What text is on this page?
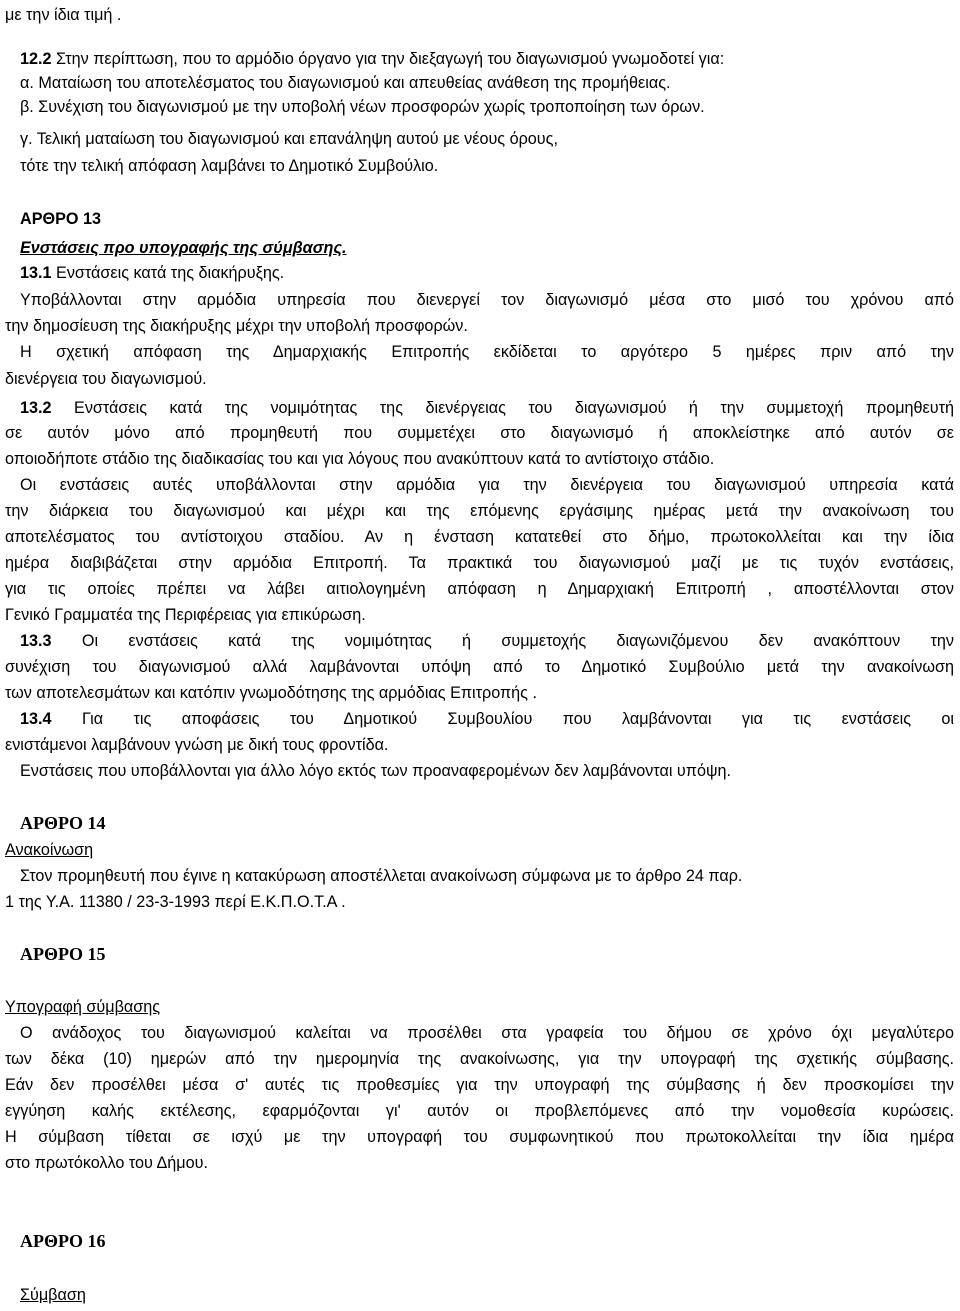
με την ίδια τιμή .
12.2 Στην περίπτωση, που το αρμόδιο όργανο για την διεξαγωγή του διαγωνισμού γνωμοδοτεί για:
α. Ματαίωση του αποτελέσματος του διαγωνισμού και απευθείας ανάθεση της προμήθειας.
β. Συνέχιση του διαγωνισμού με την υποβολή νέων προσφορών χωρίς τροποποίηση των όρων.
γ. Τελική ματαίωση του διαγωνισμού και επανάληψη αυτού με νέους όρους,
τότε την τελική απόφαση λαμβάνει το Δημοτικό Συμβούλιο.
ΑΡΘΡΟ 13
Ενστάσεις προ υπογραφής της σύμβασης.
13.1 Ενστάσεις κατά της διακήρυξης.
Υποβάλλονται στην αρμόδια υπηρεσία που διενεργεί τον διαγωνισμό μέσα στο μισό του χρόνου από
την δημοσίευση της διακήρυξης μέχρι την υποβολή προσφορών.
Η σχετική απόφαση της Δημαρχιακής Επιτροπής εκδίδεται το αργότερο 5 ημέρες πριν από την
διενέργεια του διαγωνισμού.
13.2 Ενστάσεις κατά της νομιμότητας της διενέργειας του διαγωνισμού ή την συμμετοχή προμηθευτή
σε αυτόν μόνο από προμηθευτή που συμμετέχει στο διαγωνισμό ή αποκλείστηκε από αυτόν σε
οποιοδήποτε στάδιο της διαδικασίας του και για λόγους που ανακύπτουν κατά το αντίστοιχο στάδιο.
Οι ενστάσεις αυτές υποβάλλονται στην αρμόδια για την διενέργεια του διαγωνισμού υπηρεσία κατά
την διάρκεια του διαγωνισμού και μέχρι και της επόμενης εργάσιμης ημέρας μετά την ανακοίνωση του
αποτελέσματος του αντίστοιχου σταδίου. Αν η ένσταση κατατεθεί στο δήμο, πρωτοκολλείται και την ίδια
ημέρα διαβιβάζεται στην αρμόδια Επιτροπή. Τα πρακτικά του διαγωνισμού μαζί με τις τυχόν ενστάσεις,
για τις οποίες πρέπει να λάβει αιτιολογημένη απόφαση η Δημαρχιακή Επιτροπή , αποστέλλονται στον
Γενικό Γραμματέα της Περιφέρειας για επικύρωση.
13.3 Οι ενστάσεις κατά της νομιμότητας ή συμμετοχής διαγωνιζόμενου δεν ανακόπτουν την
συνέχιση του διαγωνισμού αλλά λαμβάνονται υπόψη από το Δημοτικό Συμβούλιο μετά την ανακοίνωση
των αποτελεσμάτων και κατόπιν γνωμοδότησης της αρμόδιας Επιτροπής .
13.4 Για τις αποφάσεις του Δημοτικού Συμβουλίου που λαμβάνονται για τις ενστάσεις οι
ενιστάμενοι λαμβάνουν γνώση με δική τους φροντίδα.
Ενστάσεις που υποβάλλονται για άλλο λόγο εκτός των προαναφερομένων δεν λαμβάνονται υπόψη.
ΑΡΘΡΟ 14
Ανακοίνωση
Στον προμηθευτή που έγινε η κατακύρωση αποστέλλεται ανακοίνωση σύμφωνα με το άρθρο 24 παρ.
1 της Υ.Α. 11380 / 23-3-1993 περί Ε.Κ.Π.Ο.Τ.Α .
ΑΡΘΡΟ 15
Υπογραφή σύμβασης
Ο ανάδοχος του διαγωνισμού καλείται να προσέλθει στα γραφεία του δήμου σε χρόνο όχι μεγαλύτερο
των δέκα (10) ημερών από την ημερομηνία της ανακοίνωσης, για την υπογραφή της σχετικής σύμβασης.
Εάν δεν προσέλθει μέσα σ' αυτές τις προθεσμίες για την υπογραφή της σύμβασης ή δεν προσκομίσει την
εγγύηση καλής εκτέλεσης, εφαρμόζονται γι' αυτόν οι προβλεπόμενες από την νομοθεσία κυρώσεις.
Η σύμβαση τίθεται σε ισχύ με την υπογραφή του συμφωνητικού που πρωτοκολλείται την ίδια ημέρα
στο πρωτόκολλο του Δήμου.
ΑΡΘΡΟ 16
Σύμβαση
